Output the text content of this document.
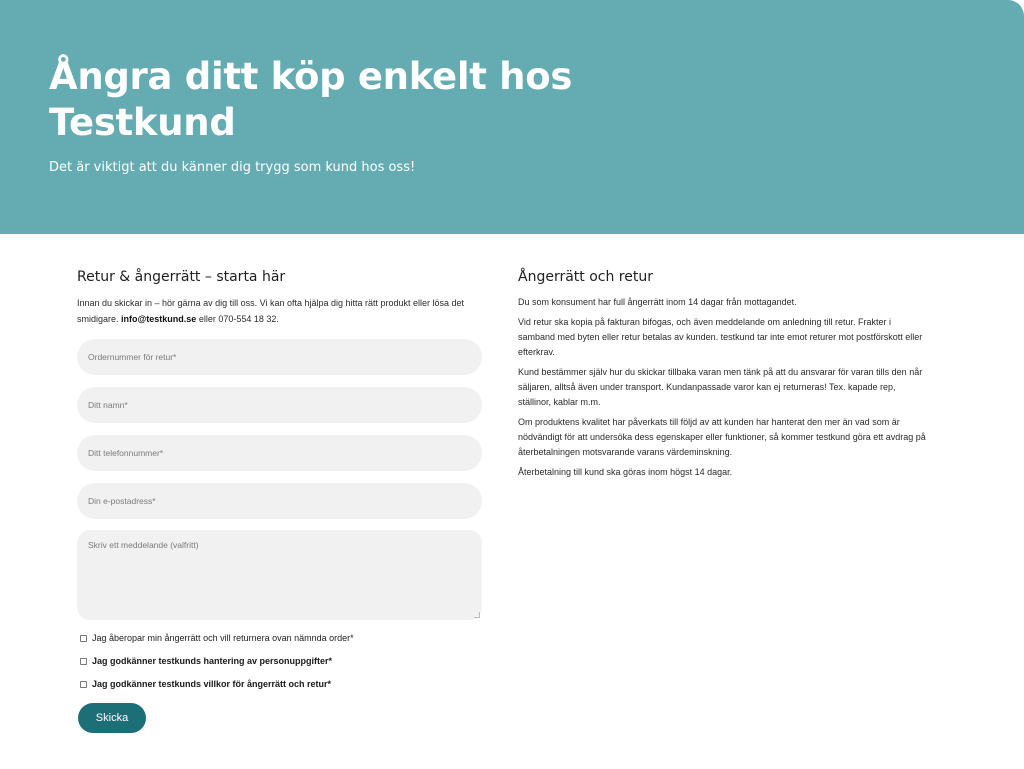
Ångra ditt köp enkelt hos Testkund

Det är viktigt att du känner dig trygg som kund hos oss!

Retur & ångerrätt – starta här

Innan du skickar in – hör gärna av dig till oss. Vi kan ofta hjälpa dig hitta rätt produkt eller lösa det smidigare. info@testkund.se eller 070-554 18 32.

Ordernummer för retur*
Ditt namn*
Ditt telefonnummer*
Din e-postadress*
Skriv ett meddelande (valfritt)
Jag åberopar min ångerrätt och vill returnera ovan nämnda order*
Jag godkänner testkunds hantering av personuppgifter*
Jag godkänner testkunds villkor för ångerrätt och retur*
Skicka
Ångerrätt och retur

Du som konsument har full ångerrätt inom 14 dagar från mottagandet.

Vid retur ska kopia på fakturan bifogas, och även meddelande om anledning till retur. Frakter i samband med byten eller retur betalas av kunden. testkund tar inte emot returer mot postförskott eller efterkrav.

Kund bestämmer själv hur du skickar tillbaka varan men tänk på att du ansvarar för varan tills den når säljaren, alltså även under transport. Kundanpassade varor kan ej returneras! Tex. kapade rep, ställinor, kablar m.m.

Om produktens kvalitet har påverkats till följd av att kunden har hanterat den mer än vad som är nödvändigt för att undersöka dess egenskaper eller funktioner, så kommer testkund göra ett avdrag på återbetalningen motsvarande varans värdeminskning.

Återbetalning till kund ska göras inom högst 14 dagar.
